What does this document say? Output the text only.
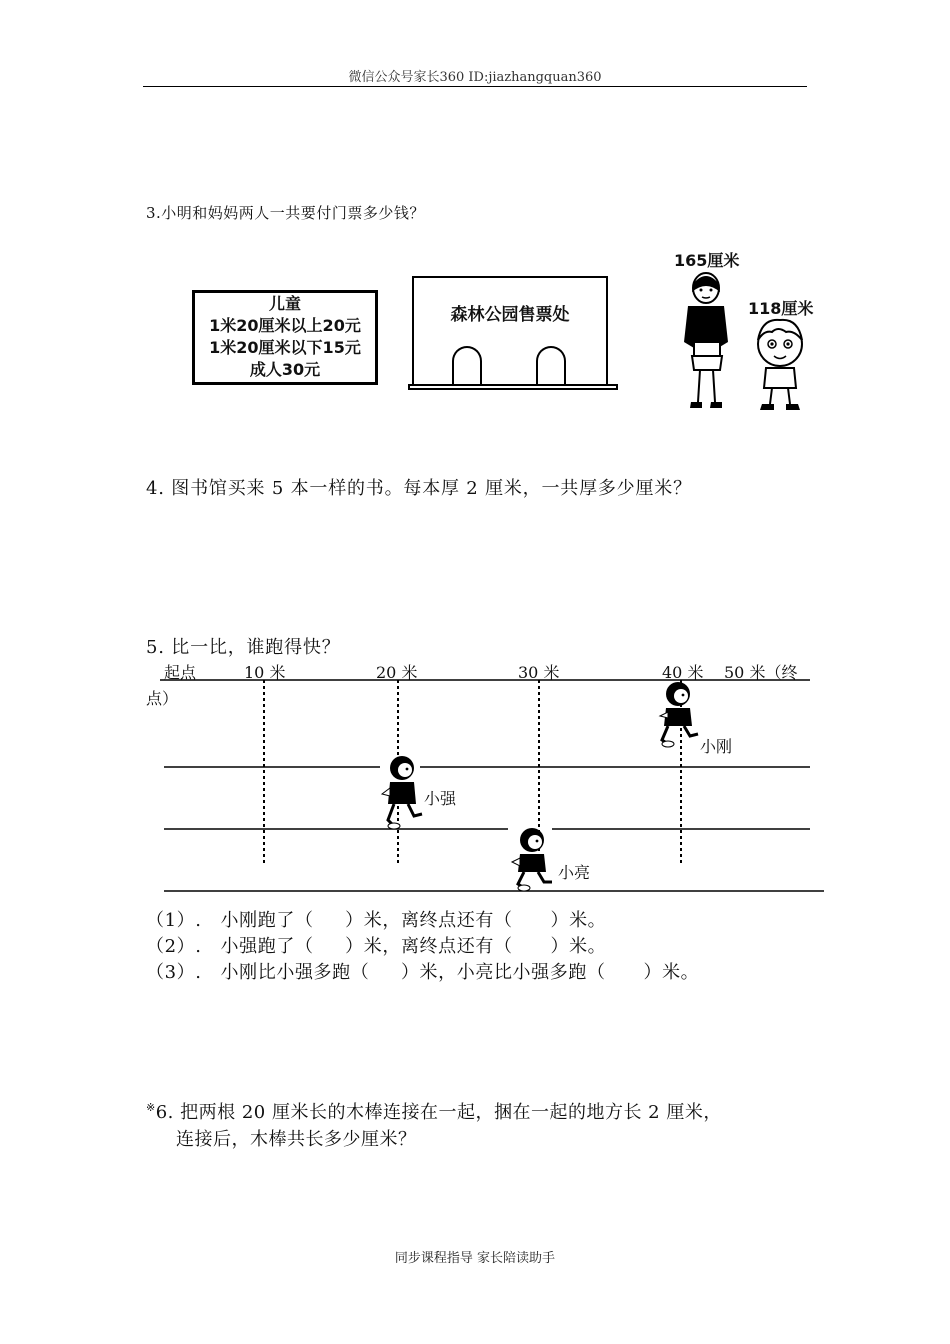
微信公众号家长360 ID:jiazhangquan360
3.小明和妈妈两人一共要付门票多少钱？
儿童
1米20厘米以上20元
1米20厘米以下15元
成人30元
森林公园售票处
165厘米
118厘米
4. 图书馆买来 5 本一样的书。每本厚 2 厘米，一共厚多少厘米？
5. 比一比，谁跑得快？
起点	10 米	20 米	30 米	40 米 50 米（终
点）
小刚
小强
小亮
（1）.   小刚跑了（     ）米，离终点还有（      ）米。
（2）.   小强跑了（     ）米，离终点还有（      ）米。
（3）.   小刚比小强多跑（     ）米，小亮比小强多跑（      ）米。
※6. 把两根 20 厘米长的木棒连接在一起，捆在一起的地方长 2 厘米，
连接后，木棒共长多少厘米？
同步课程指导 家长陪读助手
